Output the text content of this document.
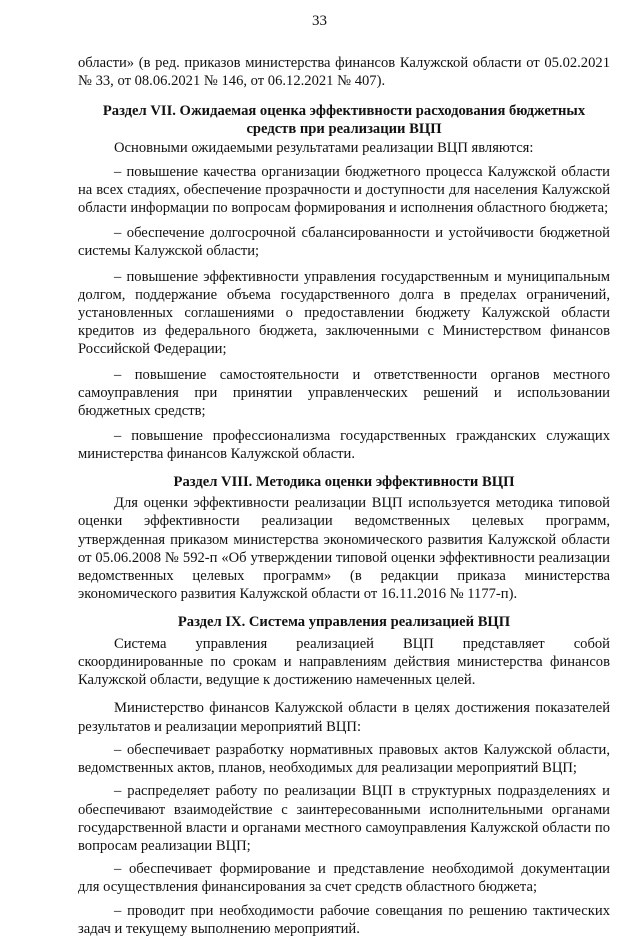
33

области» (в ред. приказов министерства финансов Калужской области от 05.02.2021 № 33, от 08.06.2021 № 146, от 06.12.2021 № 407).

Раздел VII. Ожидаемая оценка эффективности расходования бюджетных
средств при реализации ВЦП

Основными ожидаемыми результатами реализации ВЦП являются:

– повышение качества организации бюджетного процесса Калужской области на всех стадиях, обеспечение прозрачности и доступности для населения Калужской области информации по вопросам формирования и исполнения областного бюджета;

– обеспечение долгосрочной сбалансированности и устойчивости бюджетной системы Калужской области;

– повышение эффективности управления государственным и муниципальным долгом, поддержание объема государственного долга в пределах ограничений, установленных соглашениями о предоставлении бюджету Калужской области кредитов из федерального бюджета, заключенными с Министерством финансов Российской Федерации;

– повышение самостоятельности и ответственности органов местного самоуправления при принятии управленческих решений и использовании бюджетных средств;

– повышение профессионализма государственных гражданских служащих министерства финансов Калужской области.

Раздел VIII. Методика оценки эффективности ВЦП

Для оценки эффективности реализации ВЦП используется методика типовой оценки эффективности реализации ведомственных целевых программ, утвержденная приказом министерства экономического развития Калужской области от 05.06.2008 № 592-п «Об утверждении типовой оценки эффективности реализации ведомственных целевых программ» (в редакции приказа министерства экономического развития Калужской области от 16.11.2016 № 1177-п).

Раздел IX. Система управления реализацией ВЦП

Система управления реализацией ВЦП представляет собой скоординированные по срокам и направлениям действия министерства финансов Калужской области, ведущие к достижению намеченных целей.

Министерство финансов Калужской области в целях достижения показателей результатов и реализации мероприятий ВЦП:

– обеспечивает разработку нормативных правовых актов Калужской области, ведомственных актов, планов, необходимых для реализации мероприятий ВЦП;

– распределяет работу по реализации ВЦП в структурных подразделениях и обеспечивают взаимодействие с заинтересованными исполнительными органами государственной власти и органами местного самоуправления Калужской области по вопросам реализации ВЦП;

– обеспечивает формирование и представление необходимой документации для осуществления финансирования за счет средств областного бюджета;

– проводит при необходимости рабочие совещания по решению тактических задач и текущему выполнению мероприятий.
